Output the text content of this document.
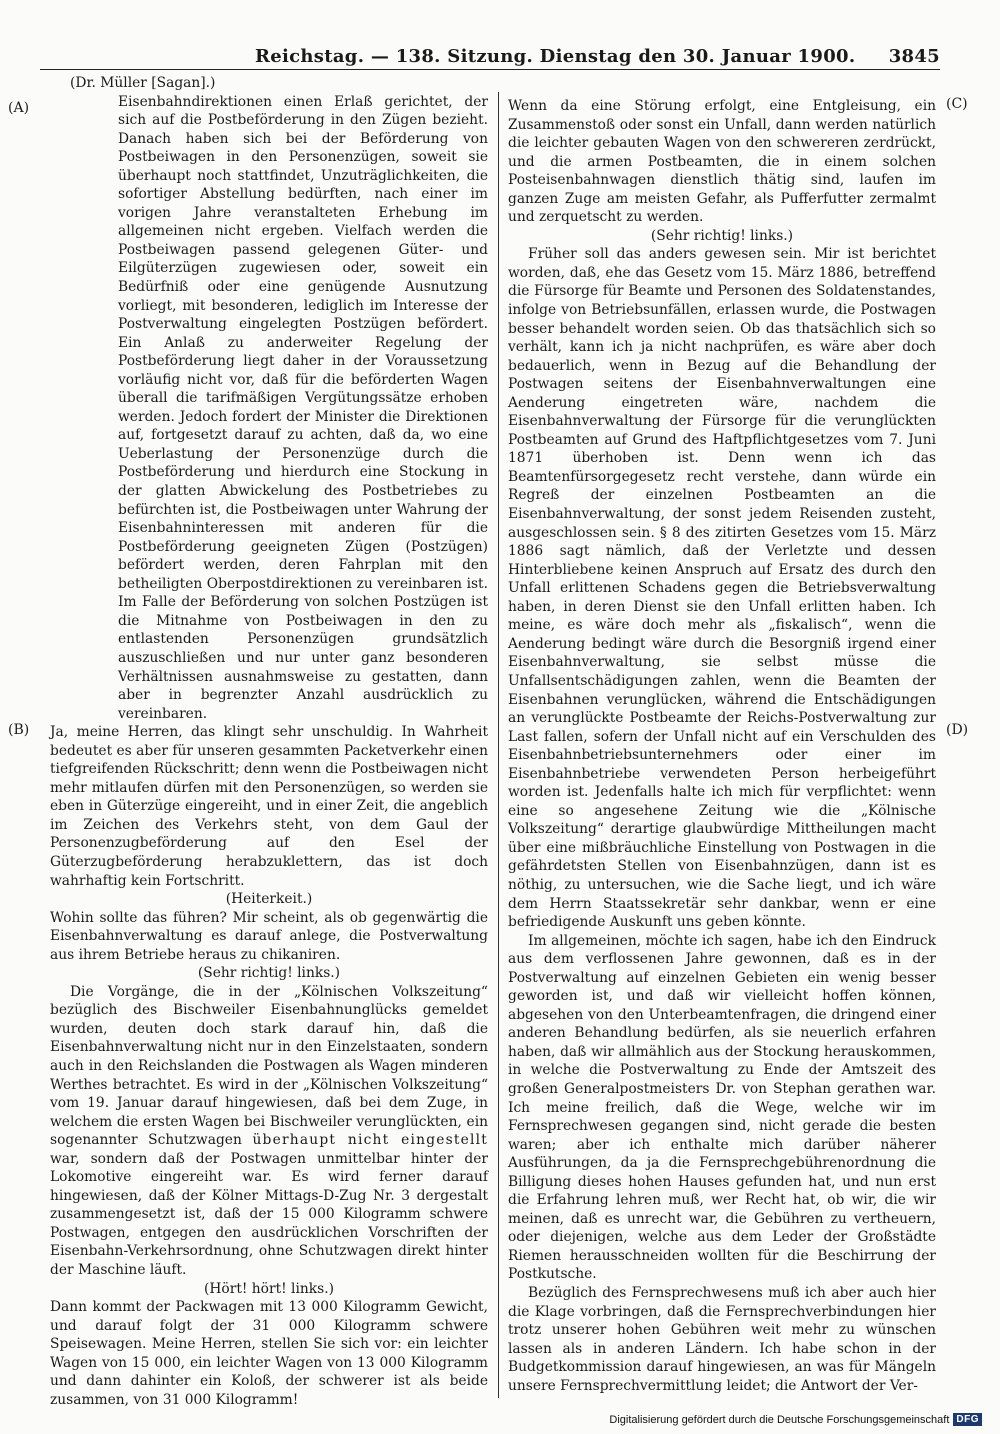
Reichstag. — 138. Sitzung. Dienstag den 30. Januar 1900. 3845
(A)
(B)
(C)
(D)

(Dr. Müller [Sagan].)

Eisenbahndirektionen einen Erlaß gerichtet, der sich auf die Postbeförderung in den Zügen bezieht. Danach haben sich bei der Beförderung von Postbeiwagen in den Personenzügen, soweit sie überhaupt noch stattfindet, Unzuträglichkeiten, die sofortiger Abstellung bedürften, nach einer im vorigen Jahre veranstalteten Erhebung im allgemeinen nicht ergeben. Vielfach werden die Postbeiwagen passend gelegenen Güter- und Eilgüterzügen zugewiesen oder, soweit ein Bedürfniß oder eine genügende Ausnutzung vorliegt, mit besonderen, lediglich im Interesse der Postverwaltung eingelegten Postzügen befördert. Ein Anlaß zu anderweiter Regelung der Postbeförderung liegt daher in der Voraussetzung vorläufig nicht vor, daß für die beförderten Wagen überall die tarifmäßigen Vergütungssätze erhoben werden. Jedoch fordert der Minister die Direktionen auf, fortgesetzt darauf zu achten, daß da, wo eine Ueberlastung der Personenzüge durch die Postbeförderung und hierdurch eine Stockung in der glatten Abwickelung des Postbetriebes zu befürchten ist, die Postbeiwagen unter Wahrung der Eisenbahninteressen mit anderen für die Postbeförderung geeigneten Zügen (Postzügen) befördert werden, deren Fahrplan mit den betheiligten Oberpostdirektionen zu vereinbaren ist. Im Falle der Beförderung von solchen Postzügen ist die Mitnahme von Postbeiwagen in den zu entlastenden Personenzügen grundsätzlich auszuschließen und nur unter ganz besonderen Verhältnissen ausnahmsweise zu gestatten, dann aber in begrenzter Anzahl ausdrücklich zu vereinbaren.

Ja, meine Herren, das klingt sehr unschuldig. In Wahrheit bedeutet es aber für unseren gesammten Packetverkehr einen tiefgreifenden Rückschritt; denn wenn die Postbeiwagen nicht mehr mitlaufen dürfen mit den Personenzügen, so werden sie eben in Güterzüge eingereiht, und in einer Zeit, die angeblich im Zeichen des Verkehrs steht, von dem Gaul der Personenzugbeförderung auf den Esel der Güterzugbeförderung herabzuklettern, das ist doch wahrhaftig kein Fortschritt.

(Heiterkeit.)

Wohin sollte das führen? Mir scheint, als ob gegenwärtig die Eisenbahnverwaltung es darauf anlege, die Postverwaltung aus ihrem Betriebe heraus zu chikaniren.

(Sehr richtig! links.)

Die Vorgänge, die in der „Kölnischen Volkszeitung“ bezüglich des Bischweiler Eisenbahnunglücks gemeldet wurden, deuten doch stark darauf hin, daß die Eisenbahnverwaltung nicht nur in den Einzelstaaten, sondern auch in den Reichslanden die Postwagen als Wagen minderen Werthes betrachtet. Es wird in der „Kölnischen Volkszeitung“ vom 19. Januar darauf hingewiesen, daß bei dem Zuge, in welchem die ersten Wagen bei Bischweiler verunglückten, ein sogenannter Schutzwagen überhaupt nicht eingestellt war, sondern daß der Postwagen unmittelbar hinter der Lokomotive eingereiht war. Es wird ferner darauf hingewiesen, daß der Kölner Mittags-D-Zug Nr. 3 dergestalt zusammengesetzt ist, daß der 15 000 Kilogramm schwere Postwagen, entgegen den ausdrücklichen Vorschriften der Eisenbahn-Verkehrsordnung, ohne Schutzwagen direkt hinter der Maschine läuft.

(Hört! hört! links.)

Dann kommt der Packwagen mit 13 000 Kilogramm Gewicht, und darauf folgt der 31 000 Kilogramm schwere Speisewagen. Meine Herren, stellen Sie sich vor: ein leichter Wagen von 15 000, ein leichter Wagen von 13 000 Kilogramm und dann dahinter ein Koloß, der schwerer ist als beide zusammen, von 31 000 Kilogramm!

Wenn da eine Störung erfolgt, eine Entgleisung, ein Zusammenstoß oder sonst ein Unfall, dann werden natürlich die leichter gebauten Wagen von den schwereren zerdrückt, und die armen Postbeamten, die in einem solchen Posteisenbahnwagen dienstlich thätig sind, laufen im ganzen Zuge am meisten Gefahr, als Pufferfutter zermalmt und zerquetscht zu werden.

(Sehr richtig! links.)

Früher soll das anders gewesen sein. Mir ist berichtet worden, daß, ehe das Gesetz vom 15. März 1886, betreffend die Fürsorge für Beamte und Personen des Soldatenstandes, infolge von Betriebsunfällen, erlassen wurde, die Postwagen besser behandelt worden seien. Ob das thatsächlich sich so verhält, kann ich ja nicht nachprüfen, es wäre aber doch bedauerlich, wenn in Bezug auf die Behandlung der Postwagen seitens der Eisenbahnverwaltungen eine Aenderung eingetreten wäre, nachdem die Eisenbahnverwaltung der Fürsorge für die verunglückten Postbeamten auf Grund des Haftpflichtgesetzes vom 7. Juni 1871 überhoben ist. Denn wenn ich das Beamtenfürsorgegesetz recht verstehe, dann würde ein Regreß der einzelnen Postbeamten an die Eisenbahnverwaltung, der sonst jedem Reisenden zusteht, ausgeschlossen sein. § 8 des zitirten Gesetzes vom 15. März 1886 sagt nämlich, daß der Verletzte und dessen Hinterbliebene keinen Anspruch auf Ersatz des durch den Unfall erlittenen Schadens gegen die Betriebsverwaltung haben, in deren Dienst sie den Unfall erlitten haben. Ich meine, es wäre doch mehr als „fiskalisch“, wenn die Aenderung bedingt wäre durch die Besorgniß irgend einer Eisenbahnverwaltung, sie selbst müsse die Unfallsentschädigungen zahlen, wenn die Beamten der Eisenbahnen verunglücken, während die Entschädigungen an verunglückte Postbeamte der Reichs-Postverwaltung zur Last fallen, sofern der Unfall nicht auf ein Verschulden des Eisenbahnbetriebsunternehmers oder einer im Eisenbahnbetriebe verwendeten Person herbeigeführt worden ist. Jedenfalls halte ich mich für verpflichtet: wenn eine so angesehene Zeitung wie die „Kölnische Volkszeitung“ derartige glaubwürdige Mittheilungen macht über eine mißbräuchliche Einstellung von Postwagen in die gefährdetsten Stellen von Eisenbahnzügen, dann ist es nöthig, zu untersuchen, wie die Sache liegt, und ich wäre dem Herrn Staatssekretär sehr dankbar, wenn er eine befriedigende Auskunft uns geben könnte.

Im allgemeinen, möchte ich sagen, habe ich den Eindruck aus dem verflossenen Jahre gewonnen, daß es in der Postverwaltung auf einzelnen Gebieten ein wenig besser geworden ist, und daß wir vielleicht hoffen können, abgesehen von den Unterbeamtenfragen, die dringend einer anderen Behandlung bedürfen, als sie neuerlich erfahren haben, daß wir allmählich aus der Stockung herauskommen, in welche die Postverwaltung zu Ende der Amtszeit des großen Generalpostmeisters Dr. von Stephan gerathen war. Ich meine freilich, daß die Wege, welche wir im Fernsprechwesen gegangen sind, nicht gerade die besten waren; aber ich enthalte mich darüber näherer Ausführungen, da ja die Fernsprechgebührenordnung die Billigung dieses hohen Hauses gefunden hat, und nun erst die Erfahrung lehren muß, wer Recht hat, ob wir, die wir meinen, daß es unrecht war, die Gebühren zu vertheuern, oder diejenigen, welche aus dem Leder der Großstädte Riemen herausschneiden wollten für die Beschirrung der Postkutsche.

Bezüglich des Fernsprechwesens muß ich aber auch hier die Klage vorbringen, daß die Fernsprechverbindungen hier trotz unserer hohen Gebühren weit mehr zu wünschen lassen als in anderen Ländern. Ich habe schon in der Budgetkommission darauf hingewiesen, an was für Mängeln unsere Fernsprechvermittlung leidet; die Antwort der Ver-

Digitalisierung gefördert durch die Deutsche Forschungsgemeinschaft DFG
